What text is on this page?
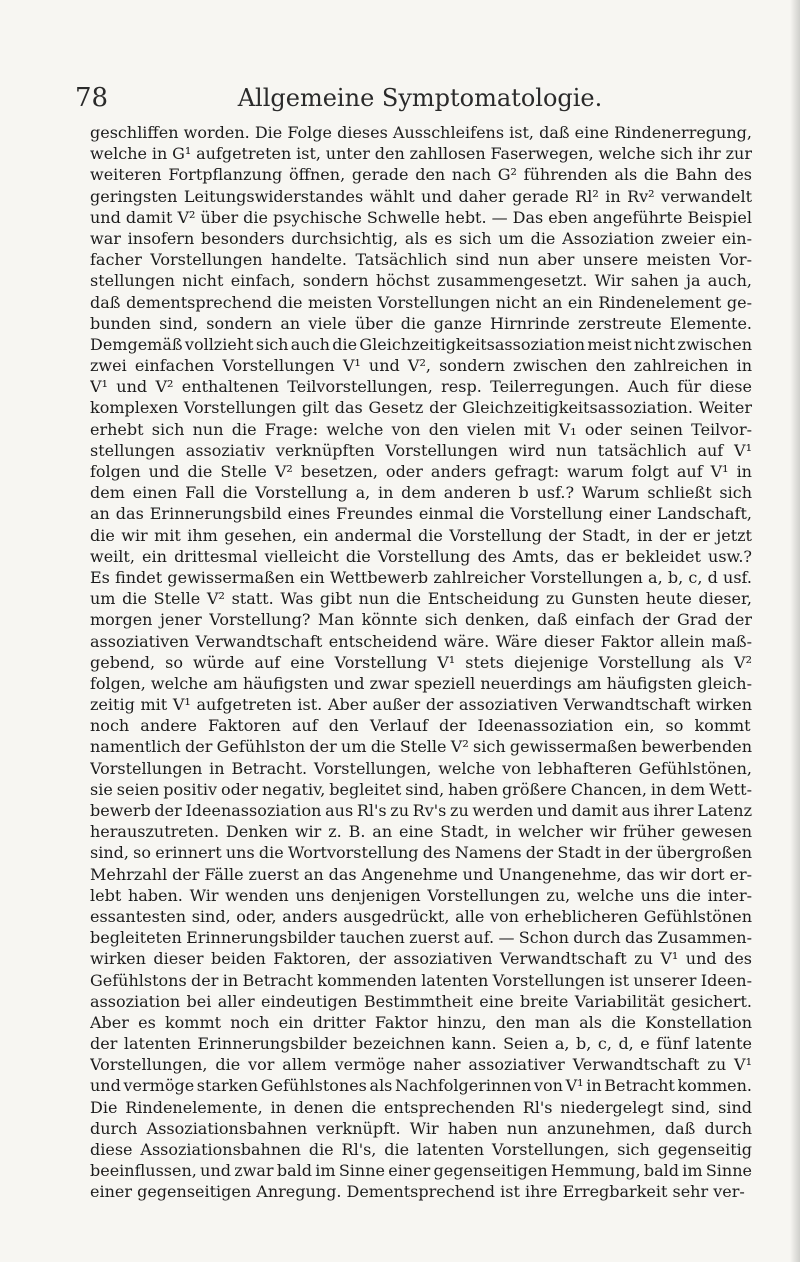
78	Allgemeine Symptomatologie.
geschliffen worden. Die Folge dieses Ausschleifens ist, daß eine Rindenerregung,
welche in G¹ aufgetreten ist, unter den zahllosen Faserwegen, welche sich ihr zur
weiteren Fortpflanzung öffnen, gerade den nach G² führenden als die Bahn des
geringsten Leitungswiderstandes wählt und daher gerade Rl² in Rv² verwandelt
und damit V² über die psychische Schwelle hebt. — Das eben angeführte Beispiel
war insofern besonders durchsichtig, als es sich um die Assoziation zweier ein-
facher Vorstellungen handelte. Tatsächlich sind nun aber unsere meisten Vor-
stellungen nicht einfach, sondern höchst zusammengesetzt. Wir sahen ja auch,
daß dementsprechend die meisten Vorstellungen nicht an ein Rindenelement ge-
bunden sind, sondern an viele über die ganze Hirnrinde zerstreute Elemente.
Demgemäß vollzieht sich auch die Gleichzeitigkeitsassoziation meist nicht zwischen
zwei einfachen Vorstellungen V¹ und V², sondern zwischen den zahlreichen in
V¹ und V² enthaltenen Teilvorstellungen, resp. Teilerregungen. Auch für diese
komplexen Vorstellungen gilt das Gesetz der Gleichzeitigkeitsassoziation. Weiter
erhebt sich nun die Frage: welche von den vielen mit V₁ oder seinen Teilvor-
stellungen assoziativ verknüpften Vorstellungen wird nun tatsächlich auf V¹
folgen und die Stelle V² besetzen, oder anders gefragt: warum folgt auf V¹ in
dem einen Fall die Vorstellung a, in dem anderen b usf.? Warum schließt sich
an das Erinnerungsbild eines Freundes einmal die Vorstellung einer Landschaft,
die wir mit ihm gesehen, ein andermal die Vorstellung der Stadt, in der er jetzt
weilt, ein drittesmal vielleicht die Vorstellung des Amts, das er bekleidet usw.?
Es findet gewissermaßen ein Wettbewerb zahlreicher Vorstellungen a, b, c, d usf.
um die Stelle V² statt. Was gibt nun die Entscheidung zu Gunsten heute dieser,
morgen jener Vorstellung? Man könnte sich denken, daß einfach der Grad der
assoziativen Verwandtschaft entscheidend wäre. Wäre dieser Faktor allein maß-
gebend, so würde auf eine Vorstellung V¹ stets diejenige Vorstellung als V²
folgen, welche am häufigsten und zwar speziell neuerdings am häufigsten gleich-
zeitig mit V¹ aufgetreten ist. Aber außer der assoziativen Verwandtschaft wirken
noch andere Faktoren auf den Verlauf der Ideenassoziation ein, so kommt
namentlich der Gefühlston der um die Stelle V² sich gewissermaßen bewerbenden
Vorstellungen in Betracht. Vorstellungen, welche von lebhafteren Gefühlstönen,
sie seien positiv oder negativ, begleitet sind, haben größere Chancen, in dem Wett-
bewerb der Ideenassoziation aus Rl's zu Rv's zu werden und damit aus ihrer Latenz
herauszutreten. Denken wir z. B. an eine Stadt, in welcher wir früher gewesen
sind, so erinnert uns die Wortvorstellung des Namens der Stadt in der übergroßen
Mehrzahl der Fälle zuerst an das Angenehme und Unangenehme, das wir dort er-
lebt haben. Wir wenden uns denjenigen Vorstellungen zu, welche uns die inter-
essantesten sind, oder, anders ausgedrückt, alle von erheblicheren Gefühlstönen
begleiteten Erinnerungsbilder tauchen zuerst auf. — Schon durch das Zusammen-
wirken dieser beiden Faktoren, der assoziativen Verwandtschaft zu V¹ und des
Gefühlstons der in Betracht kommenden latenten Vorstellungen ist unserer Ideen-
assoziation bei aller eindeutigen Bestimmtheit eine breite Variabilität gesichert.
Aber es kommt noch ein dritter Faktor hinzu, den man als die Konstellation
der latenten Erinnerungsbilder bezeichnen kann. Seien a, b, c, d, e fünf latente
Vorstellungen, die vor allem vermöge naher assoziativer Verwandtschaft zu V¹
und vermöge starken Gefühlstones als Nachfolgerinnen von V¹ in Betracht kommen.
Die Rindenelemente, in denen die entsprechenden Rl's niedergelegt sind, sind
durch Assoziationsbahnen verknüpft. Wir haben nun anzunehmen, daß durch
diese Assoziationsbahnen die Rl's, die latenten Vorstellungen, sich gegenseitig
beeinflussen, und zwar bald im Sinne einer gegenseitigen Hemmung, bald im Sinne
einer gegenseitigen Anregung. Dementsprechend ist ihre Erregbarkeit sehr ver-
